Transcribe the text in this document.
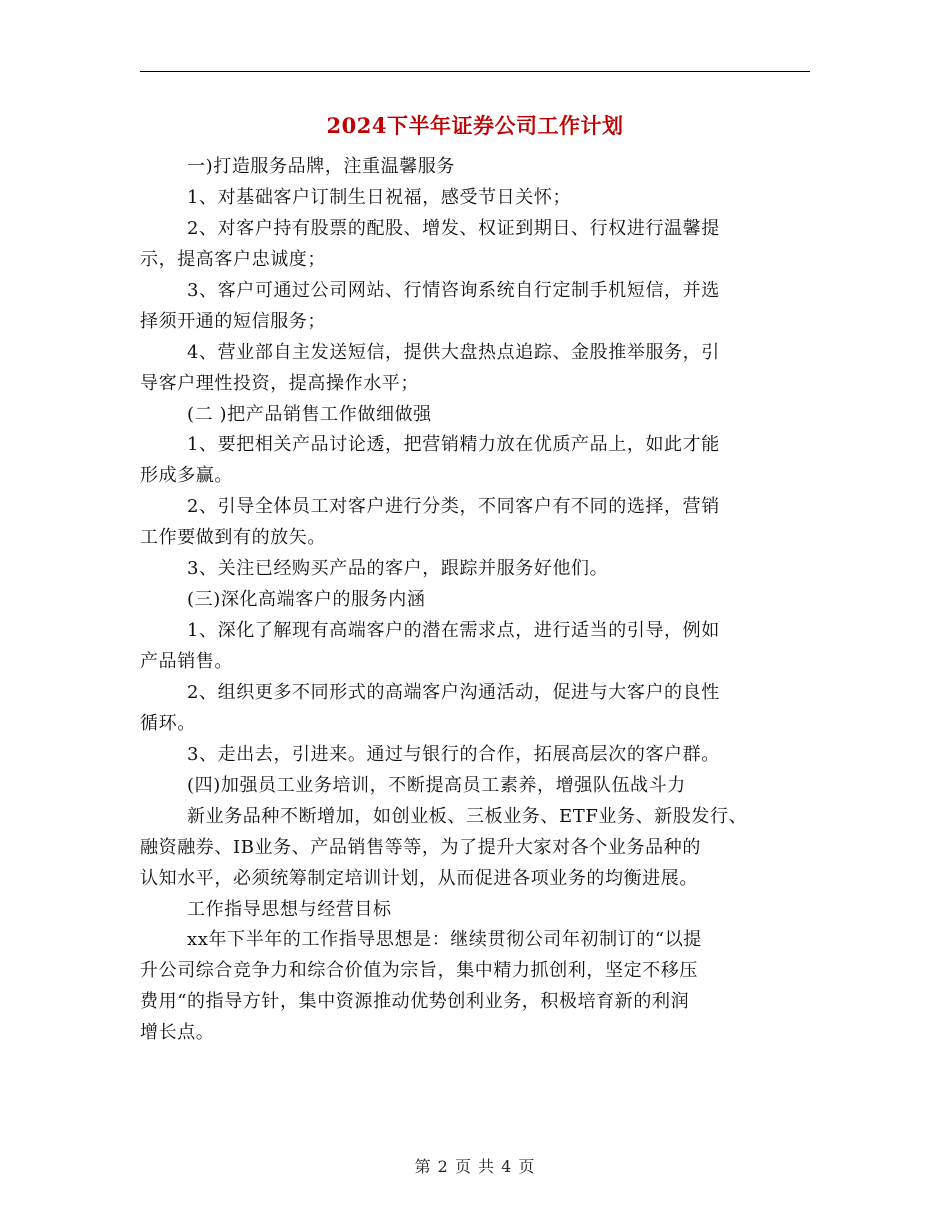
2024下半年证券公司工作计划
一)打造服务品牌，注重温馨服务
1、对基础客户订制生日祝福，感受节日关怀；
2、对客户持有股票的配股、增发、权证到期日、行权进行温馨提
示，提高客户忠诚度；
3、客户可通过公司网站、行情咨询系统自行定制手机短信，并选
择须开通的短信服务；
4、营业部自主发送短信，提供大盘热点追踪、金股推举服务，引
导客户理性投资，提高操作水平；
(二 )把产品销售工作做细做强
1、要把相关产品讨论透，把营销精力放在优质产品上，如此才能
形成多赢。
2、引导全体员工对客户进行分类，不同客户有不同的选择，营销
工作要做到有的放矢。
3、关注已经购买产品的客户，跟踪并服务好他们。
(三)深化高端客户的服务内涵
1、深化了解现有高端客户的潜在需求点，进行适当的引导，例如
产品销售。
2、组织更多不同形式的高端客户沟通活动，促进与大客户的良性
循环。
3、走出去，引进来。通过与银行的合作，拓展高层次的客户群。
(四)加强员工业务培训，不断提高员工素养，增强队伍战斗力
新业务品种不断增加，如创业板、三板业务、ETF业务、新股发行、
融资融券、IB业务、产品销售等等，为了提升大家对各个业务品种的
认知水平，必须统筹制定培训计划，从而促进各项业务的均衡进展。
工作指导思想与经营目标
xx年下半年的工作指导思想是：继续贯彻公司年初制订的“以提
升公司综合竞争力和综合价值为宗旨，集中精力抓创利，坚定不移压
费用“的指导方针，集中资源推动优势创利业务，积极培育新的利润
增长点。
第 2 页 共 4 页
